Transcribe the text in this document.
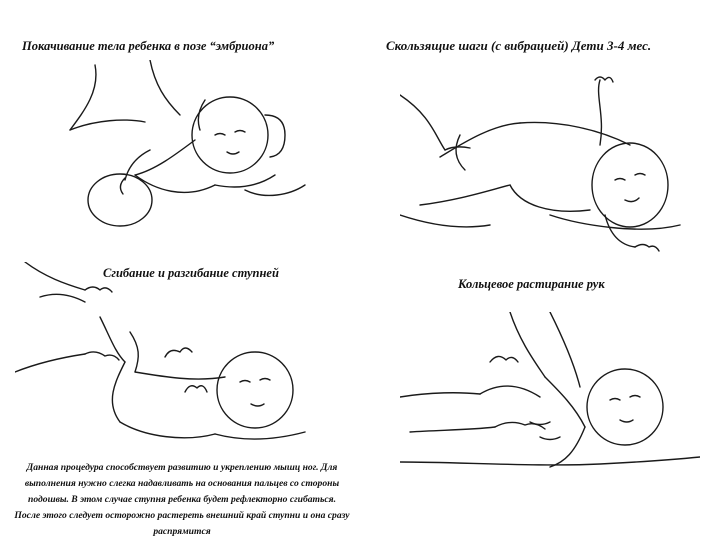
Покачивание тела ребенка в позе “эмбриона”	Скользящие шаги (с вибрацией) Дети 3-4 мес.
Сгибание и разгибание ступней
Кольцевое растирание рук
Данная процедура способствует развитию и укреплению мышц ног. Для выполнения нужно слегка надавливать на основания пальцев со стороны подошвы. В этом случае ступня ребенка будет рефлекторно сгибаться. После этого следует осторожно растереть внешний край ступни и она сразу распрямится
